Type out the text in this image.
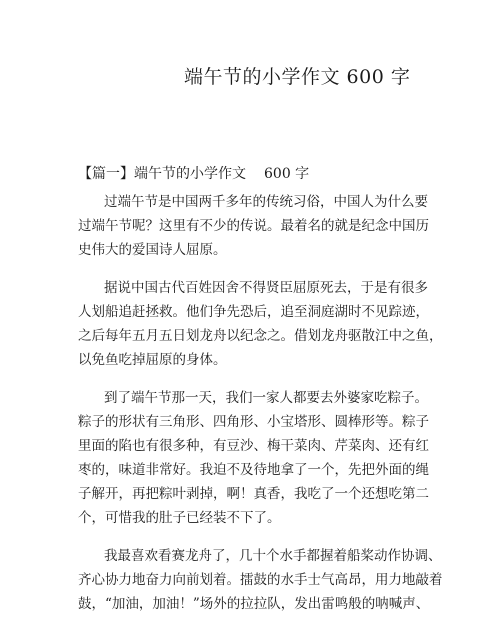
端午节的小学作文 600 字
【篇一】端午节的小学作文 600 字
过端午节是中国两千多年的传统习俗，中国人为什么要
过端午节呢？这里有不少的传说。最着名的就是纪念中国历
史伟大的爱国诗人屈原。
据说中国古代百姓因舍不得贤臣屈原死去，于是有很多
人划船追赶拯救。他们争先恐后，追至洞庭湖时不见踪迹，
之后每年五月五日划龙舟以纪念之。借划龙舟驱散江中之鱼，
以免鱼吃掉屈原的身体。
到了端午节那一天，我们一家人都要去外婆家吃粽子。
粽子的形状有三角形、四角形、小宝塔形、圆棒形等。粽子
里面的陷也有很多种，有豆沙、梅干菜肉、芹菜肉、还有红
枣的，味道非常好。我迫不及待地拿了一个，先把外面的绳
子解开，再把粽叶剥掉，啊！真香，我吃了一个还想吃第二
个，可惜我的肚子已经装不下了。
我最喜欢看赛龙舟了，几十个水手都握着船桨动作协调、
齐心协力地奋力向前划着。擂鼓的水手士气高昂，用力地敲着
鼓，“加油，加油！”场外的拉拉队，发出雷鸣般的呐喊声、
